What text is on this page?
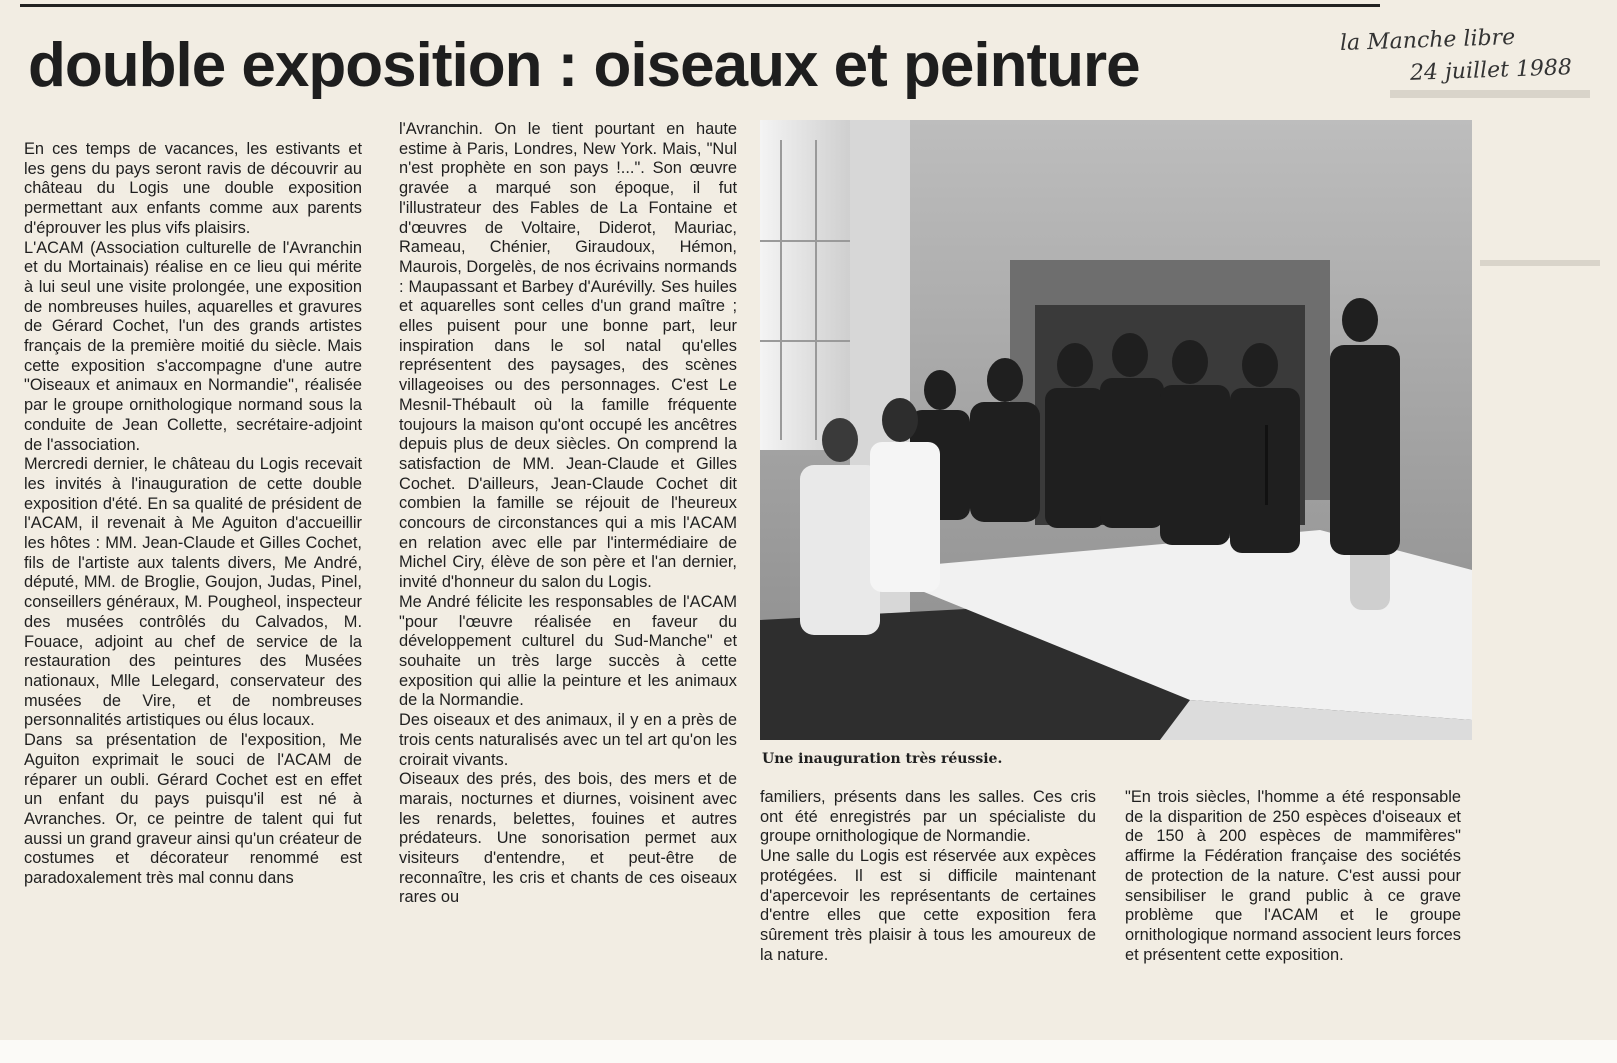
double exposition : oiseaux et peinture	la Manche libre
24 juillet 1988

En ces temps de vacances, les estivants et les gens du pays seront ravis de découvrir au château du Logis une double exposition permettant aux enfants comme aux parents d'éprouver les plus vifs plaisirs.

L'ACAM (Association culturelle de l'Avranchin et du Mortainais) réalise en ce lieu qui mérite à lui seul une visite prolongée, une exposition de nombreuses huiles, aquarelles et gravures de Gérard Cochet, l'un des grands artistes français de la première moitié du siècle. Mais cette exposition s'accompagne d'une autre "Oiseaux et animaux en Normandie", réalisée par le groupe ornithologique normand sous la conduite de Jean Collette, secrétaire-adjoint de l'association.

Mercredi dernier, le château du Logis recevait les invités à l'inauguration de cette double exposition d'été. En sa qualité de président de l'ACAM, il revenait à Me Aguiton d'accueillir les hôtes : MM. Jean-Claude et Gilles Cochet, fils de l'artiste aux talents divers, Me André, député, MM. de Broglie, Goujon, Judas, Pinel, conseillers généraux, M. Pougheol, inspecteur des musées contrôlés du Calvados, M. Fouace, adjoint au chef de service de la restauration des peintures des Musées nationaux, Mlle Lelegard, conservateur des musées de Vire, et de nombreuses personnalités artistiques ou élus locaux.

Dans sa présentation de l'exposition, Me Aguiton exprimait le souci de l'ACAM de réparer un oubli. Gérard Cochet est en effet un enfant du pays puisqu'il est né à Avranches. Or, ce peintre de talent qui fut aussi un grand graveur ainsi qu'un créateur de costumes et décorateur renommé est paradoxalement très mal connu dans

l'Avranchin. On le tient pourtant en haute estime à Paris, Londres, New York. Mais, "Nul n'est prophète en son pays !...". Son œuvre gravée a marqué son époque, il fut l'illustrateur des Fables de La Fontaine et d'œuvres de Voltaire, Diderot, Mauriac, Rameau, Chénier, Giraudoux, Hémon, Maurois, Dorgelès, de nos écrivains normands : Maupassant et Barbey d'Aurévilly. Ses huiles et aquarelles sont celles d'un grand maître ; elles puisent pour une bonne part, leur inspiration dans le sol natal qu'elles représentent des paysages, des scènes villageoises ou des personnages. C'est Le Mesnil-Thébault où la famille fréquente toujours la maison qu'ont occupé les ancêtres depuis plus de deux siècles. On comprend la satisfaction de MM. Jean-Claude et Gilles Cochet. D'ailleurs, Jean-Claude Cochet dit combien la famille se réjouit de l'heureux concours de circonstances qui a mis l'ACAM en relation avec elle par l'intermédiaire de Michel Ciry, élève de son père et l'an dernier, invité d'honneur du salon du Logis.

Me André félicite les responsables de l'ACAM "pour l'œuvre réalisée en faveur du développement culturel du Sud-Manche" et souhaite un très large succès à cette exposition qui allie la peinture et les animaux de la Normandie.

Des oiseaux et des animaux, il y en a près de trois cents naturalisés avec un tel art qu'on les croirait vivants.

Oiseaux des prés, des bois, des mers et de marais, nocturnes et diurnes, voisinent avec les renards, belettes, fouines et autres prédateurs. Une sonorisation permet aux visiteurs d'entendre, et peut-être de reconnaître, les cris et chants de ces oiseaux rares ou

Une inauguration très réussie.

familiers, présents dans les salles. Ces cris ont été enregistrés par un spécialiste du groupe ornithologique de Normandie.

Une salle du Logis est réservée aux expèces protégées. Il est si difficile maintenant d'apercevoir les représentants de certaines d'entre elles que cette exposition fera sûrement très plaisir à tous les amoureux de la nature.

"En trois siècles, l'homme a été responsable de la disparition de 250 espèces d'oiseaux et de 150 à 200 espèces de mammifères" affirme la Fédération française des sociétés de protection de la nature. C'est aussi pour sensibiliser le grand public à ce grave problème que l'ACAM et le groupe ornithologique normand associent leurs forces et présentent cette exposition.
